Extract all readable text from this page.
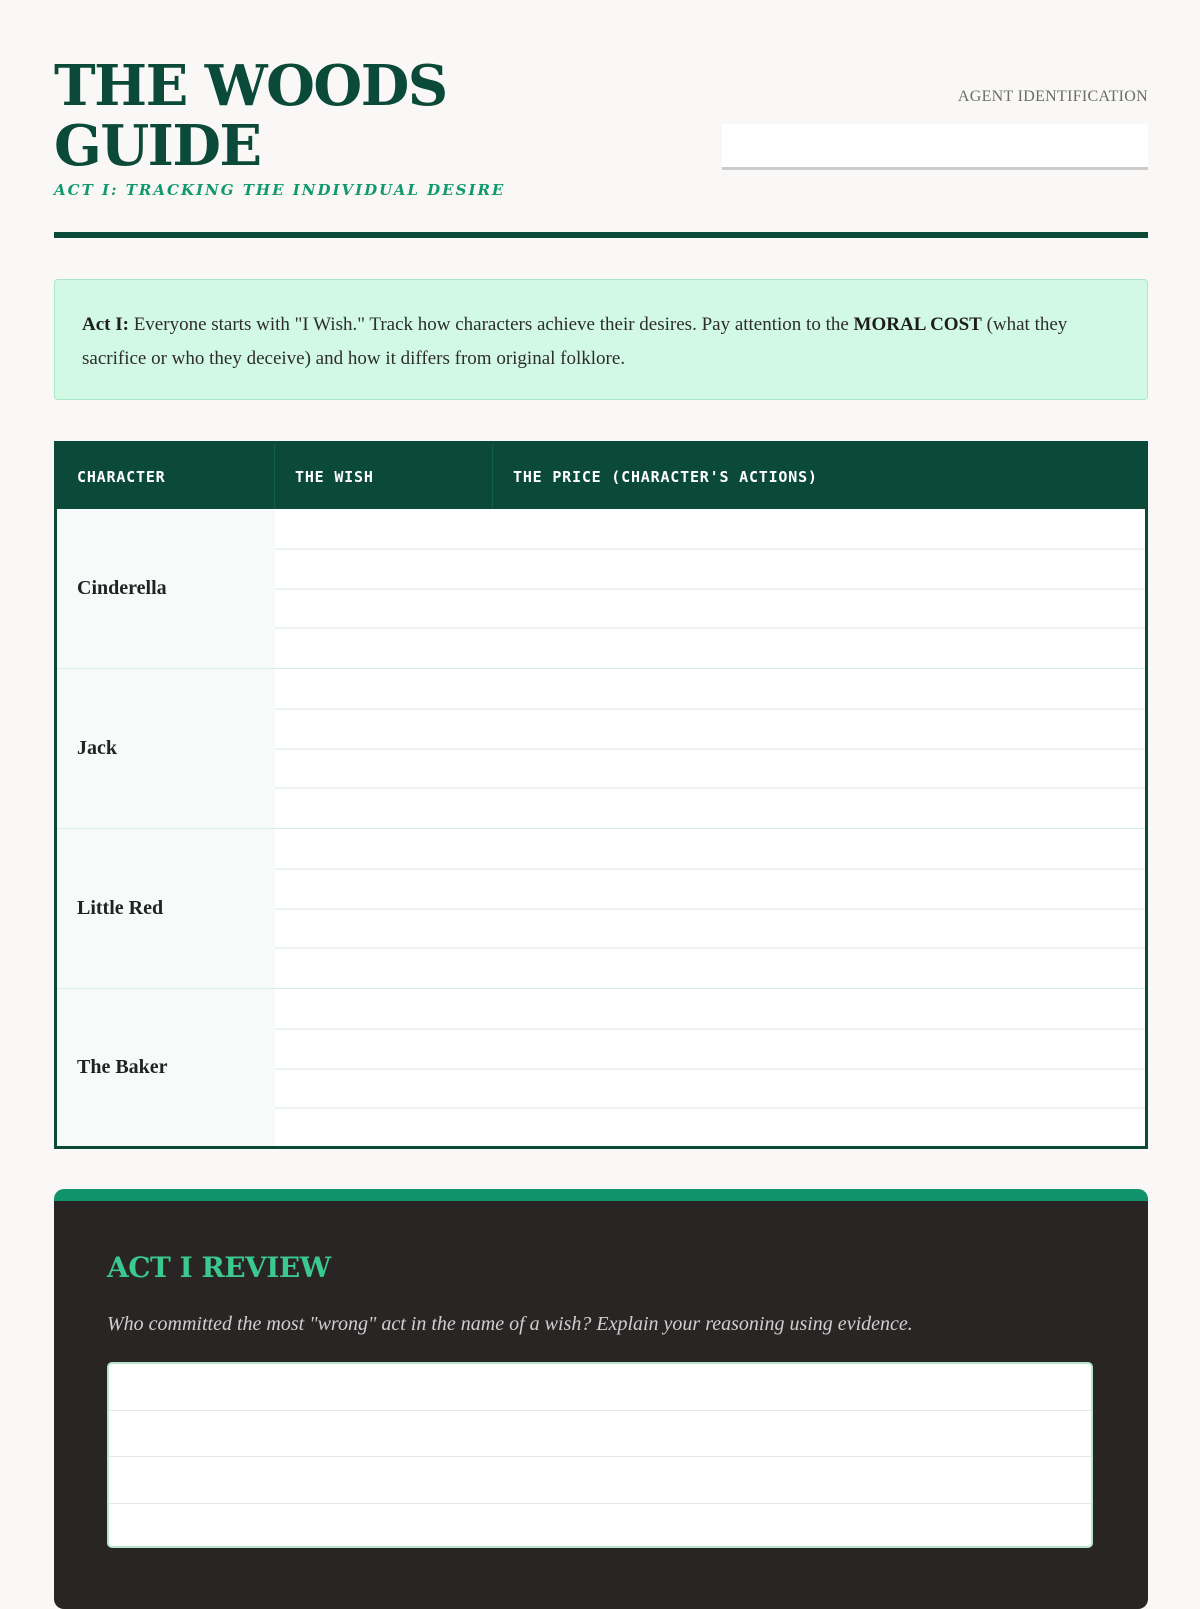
THE WOODS GUIDE
ACT I: TRACKING THE INDIVIDUAL DESIRE
AGENT IDENTIFICATION
Act I: Everyone starts with "I Wish." Track how characters achieve their desires. Pay attention to the MORAL COST (what they sacrifice or who they deceive) and how it differs from original folklore.
CHARACTER	THE WISH	THE PRICE (CHARACTER'S ACTIONS)
Cinderella
Jack
Little Red
The Baker
ACT I REVIEW
Who committed the most "wrong" act in the name of a wish? Explain your reasoning using evidence.
